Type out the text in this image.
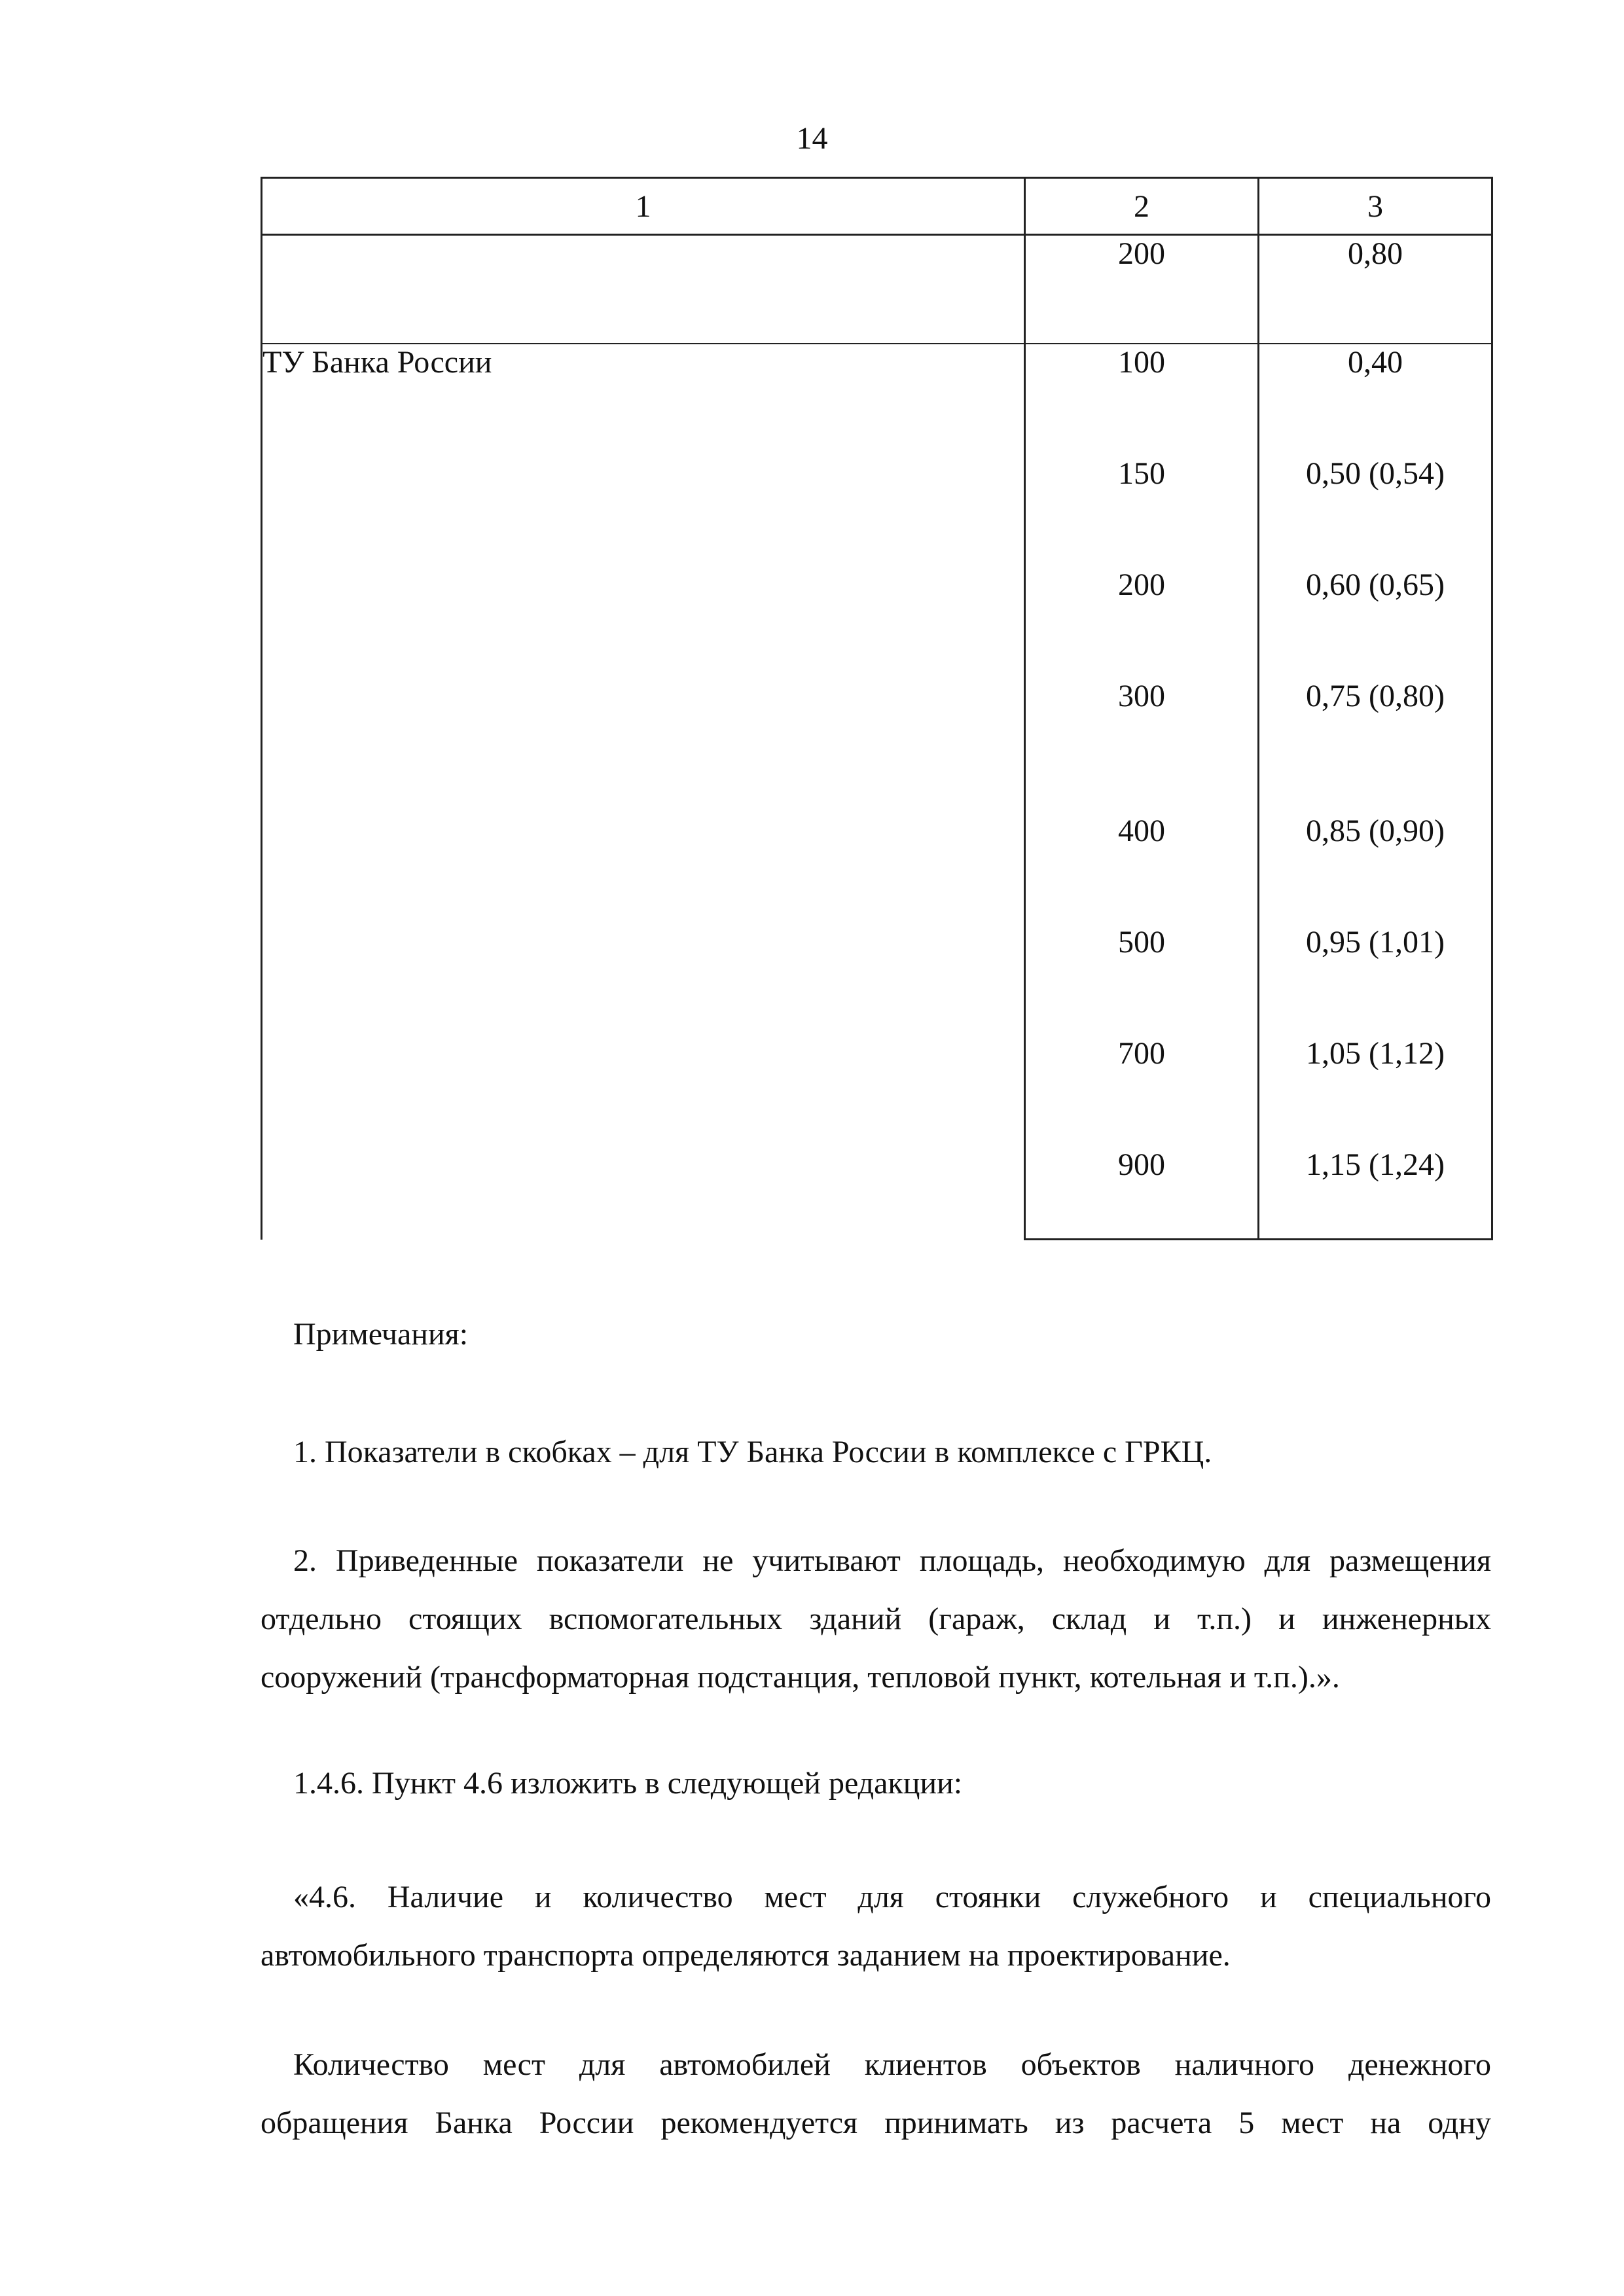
14
1	2	3
	200	0,80
ТУ Банка России	100	0,40
	150	0,50 (0,54)
	200	0,60 (0,65)
	300	0,75 (0,80)
	400	0,85 (0,90)
	500	0,95 (1,01)
	700	1,05 (1,12)
	900	1,15 (1,24)

Примечания:

1. Показатели в скобках – для ТУ Банка России в комплексе с ГРКЦ.

2. Приведенные показатели не учитывают площадь, необходимую для размещения

отдельно стоящих вспомогательных зданий (гараж, склад и т.п.) и инженерных

сооружений (трансформаторная подстанция, тепловой пункт, котельная и т.п.).».

1.4.6. Пункт 4.6 изложить в следующей редакции:

«4.6. Наличие и количество мест для стоянки служебного и специального

автомобильного транспорта определяются заданием на проектирование.

Количество мест для автомобилей клиентов объектов наличного денежного

обращения Банка России рекомендуется принимать из расчета 5 мест на одну
